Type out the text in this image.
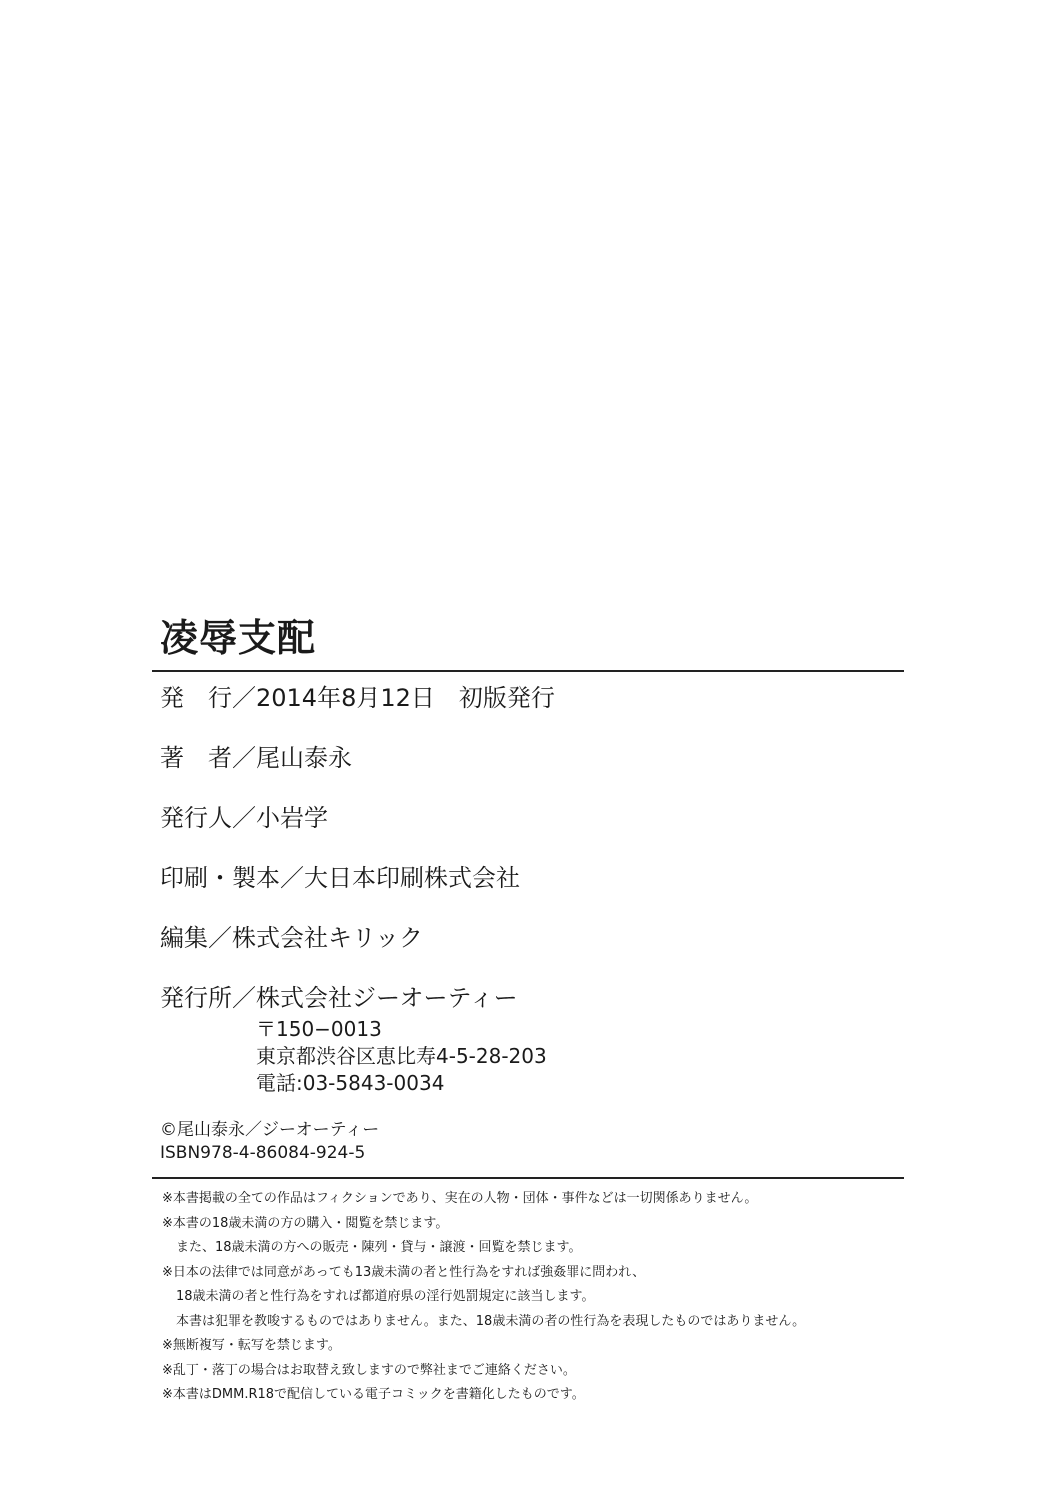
凌辱支配
発　行／2014年8月12日　初版発行
著　者／尾山泰永
発行人／小岩学
印刷・製本／大日本印刷株式会社
編集／株式会社キリック
発行所／株式会社ジーオーティー
〒150−0013
東京都渋谷区恵比寿4-5-28-203
電話:03-5843-0034
©尾山泰永／ジーオーティー
ISBN978-4-86084-924-5
※本書掲載の全ての作品はフィクションであり、実在の人物・団体・事件などは一切関係ありません。
※本書の18歳未満の方の購入・閲覧を禁じます。
また、18歳未満の方への販売・陳列・貸与・譲渡・回覧を禁じます。
※日本の法律では同意があっても13歳未満の者と性行為をすれば強姦罪に問われ、
18歳未満の者と性行為をすれば都道府県の淫行処罰規定に該当します。
本書は犯罪を教唆するものではありません。また、18歳未満の者の性行為を表現したものではありません。
※無断複写・転写を禁じます。
※乱丁・落丁の場合はお取替え致しますので弊社までご連絡ください。
※本書はDMM.R18で配信している電子コミックを書籍化したものです。
